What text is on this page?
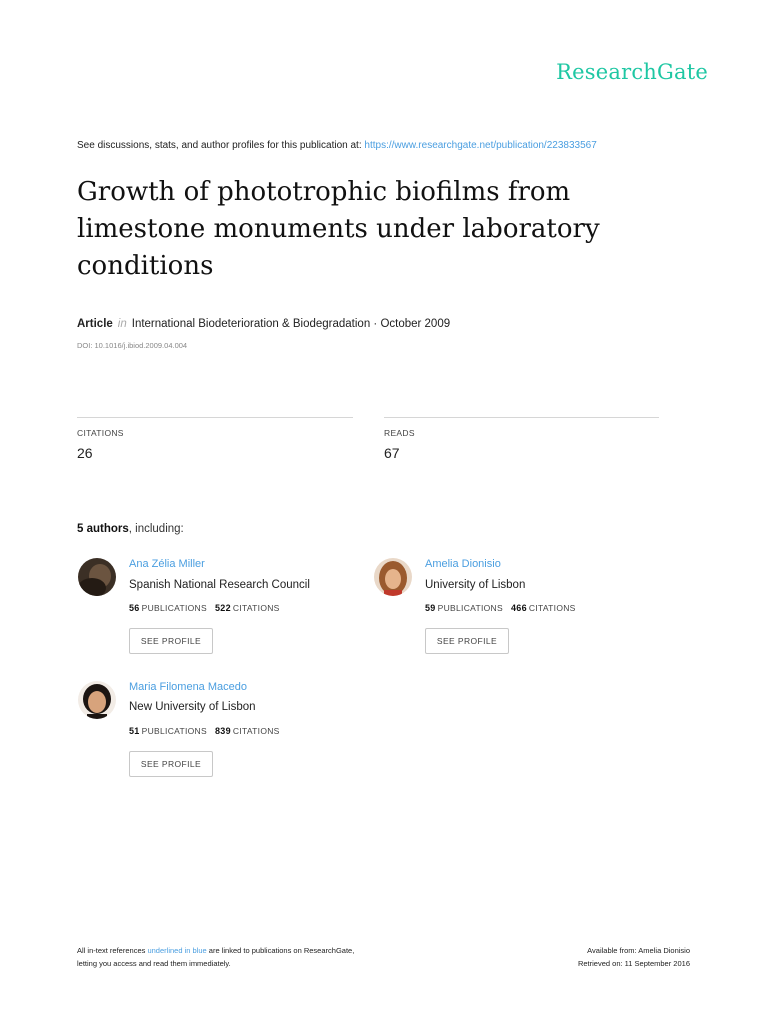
ResearchGate
See discussions, stats, and author profiles for this publication at: https://www.researchgate.net/publication/223833567
Growth of phototrophic biofilms from limestone monuments under laboratory conditions
Article in International Biodeterioration & Biodegradation · October 2009
DOI: 10.1016/j.ibiod.2009.04.004
CITATIONS
26
READS
67
5 authors, including:
Ana Zélia Miller
Spanish National Research Council
56 PUBLICATIONS 522 CITATIONS
SEE PROFILE
Amelia Dionisio
University of Lisbon
59 PUBLICATIONS 466 CITATIONS
SEE PROFILE
Maria Filomena Macedo
New University of Lisbon
51 PUBLICATIONS 839 CITATIONS
SEE PROFILE
All in-text references underlined in blue are linked to publications on ResearchGate,
letting you access and read them immediately.
Available from: Amelia Dionisio
Retrieved on: 11 September 2016
